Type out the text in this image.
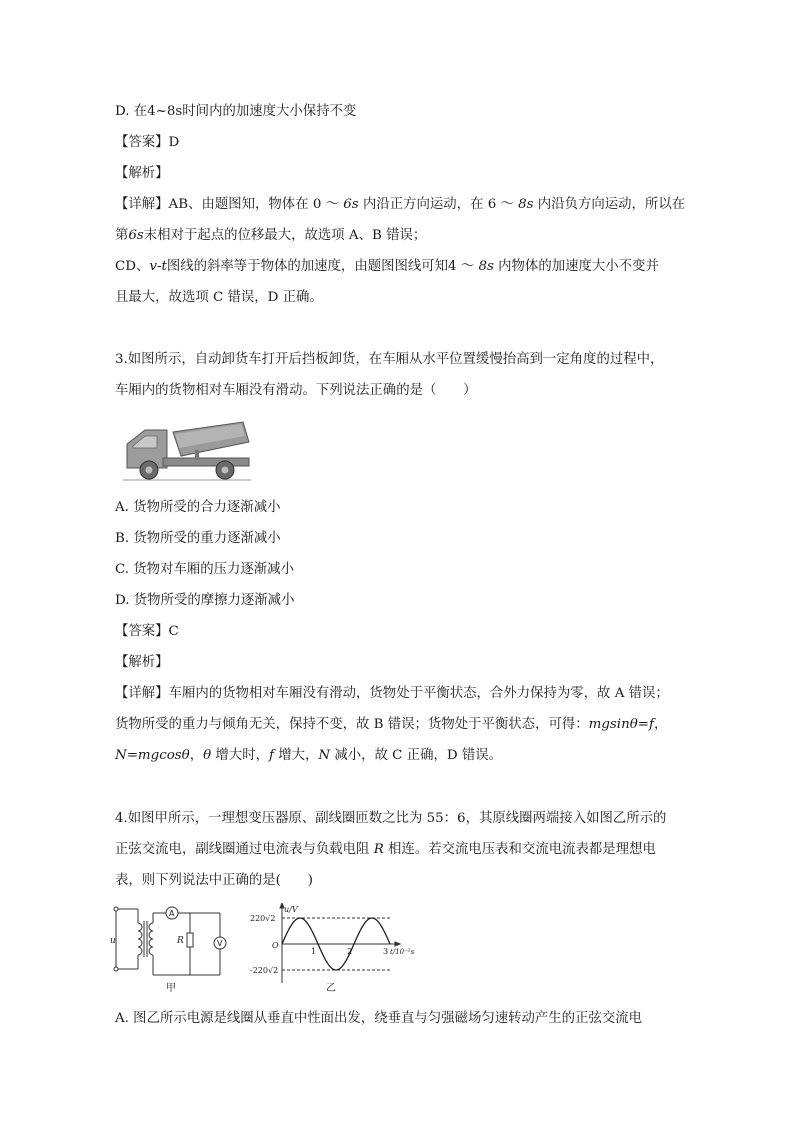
D. 在4~8s时间内的加速度大小保持不变
【答案】D
【解析】
【详解】AB、由题图知，物体在 0 ～ 6s 内沿正方向运动，在 6 ～ 8s 内沿负方向运动，所以在
第6s末相对于起点的位移最大，故选项 A、B 错误；
CD、v-t图线的斜率等于物体的加速度，由题图图线可知4 ～ 8s 内物体的加速度大小不变并
且最大，故选项 C 错误，D 正确。
3.如图所示，自动卸货车打开后挡板卸货，在车厢从水平位置缓慢抬高到一定角度的过程中，
车厢内的货物相对车厢没有滑动。下列说法正确的是（　　）
A. 货物所受的合力逐渐减小
B. 货物所受的重力逐渐减小
C. 货物对车厢的压力逐渐减小
D. 货物所受的摩擦力逐渐减小
【答案】C
【解析】
【详解】车厢内的货物相对车厢没有滑动，货物处于平衡状态，合外力保持为零，故 A 错误；
货物所受的重力与倾角无关，保持不变，故 B 错误；货物处于平衡状态，可得：mgsinθ=f，
N=mgcosθ，θ 增大时，f 增大，N 减小，故 C 正确，D 错误。
4.如图甲所示，一理想变压器原、副线圈匝数之比为 55：6，其原线圈两端接入如图乙所示的
正弦交流电，副线圈通过电流表与负载电阻 R 相连。若交流电压表和交流电流表都是理想电
表，则下列说法中正确的是(　　)
u	R
A
V
甲
u/V
220√2
-220√2
O
1	2	3 t/10⁻²s
乙
A. 图乙所示电源是线圈从垂直中性面出发，绕垂直与匀强磁场匀速转动产生的正弦交流电
